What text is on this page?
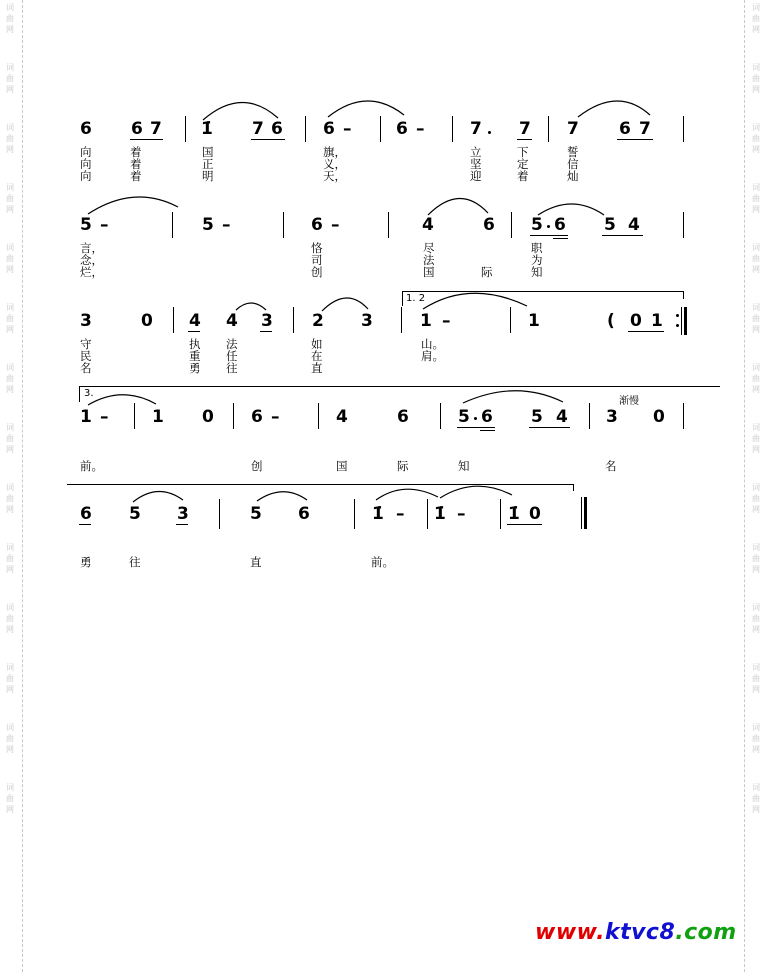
词
曲
网
词
曲
网
词
曲
网
词
曲
网
词
曲
网
词
曲
网
词
曲
网
词
曲
网
词
曲
网
词
曲
网
词
曲
网
词
曲
网
词
曲
网
词
曲
网
词
曲
网
词
曲
网
词
曲
网
词
曲
网
词
曲
网
词
曲
网
词
曲
网
词
曲
网
词
曲
网
词
曲
网
词
曲
网
词
曲
网
词
曲
网
词
曲
网
6 6 7 1̇ 7 6 6 –	6 –	7 7 7 6 7
向	着	国	旗，	立	下	誓
向	着	正	义，	坚	定	信
向	着	明	天，	迎	着	灿
5 –	5 –	6 –	4	6 5 6 5 4
言，	恪	尽	职
念，	司	法	为
烂，	创	国	际	知
1. 2
3	0 4 4 3 2 3	1 –	1	( 0 1
守	执 法	如	山。
民	重 任	在	肩。
名	勇 往	直
3.
渐慢
1 –	1 0 6 –	4	6	5 6 5 4 3 0
前。	创	国	际	知	名
6 5 3	5 6	1̇ – 1̇ –	1̇ 0
勇	往	直	前。
www.ktvc8.com
